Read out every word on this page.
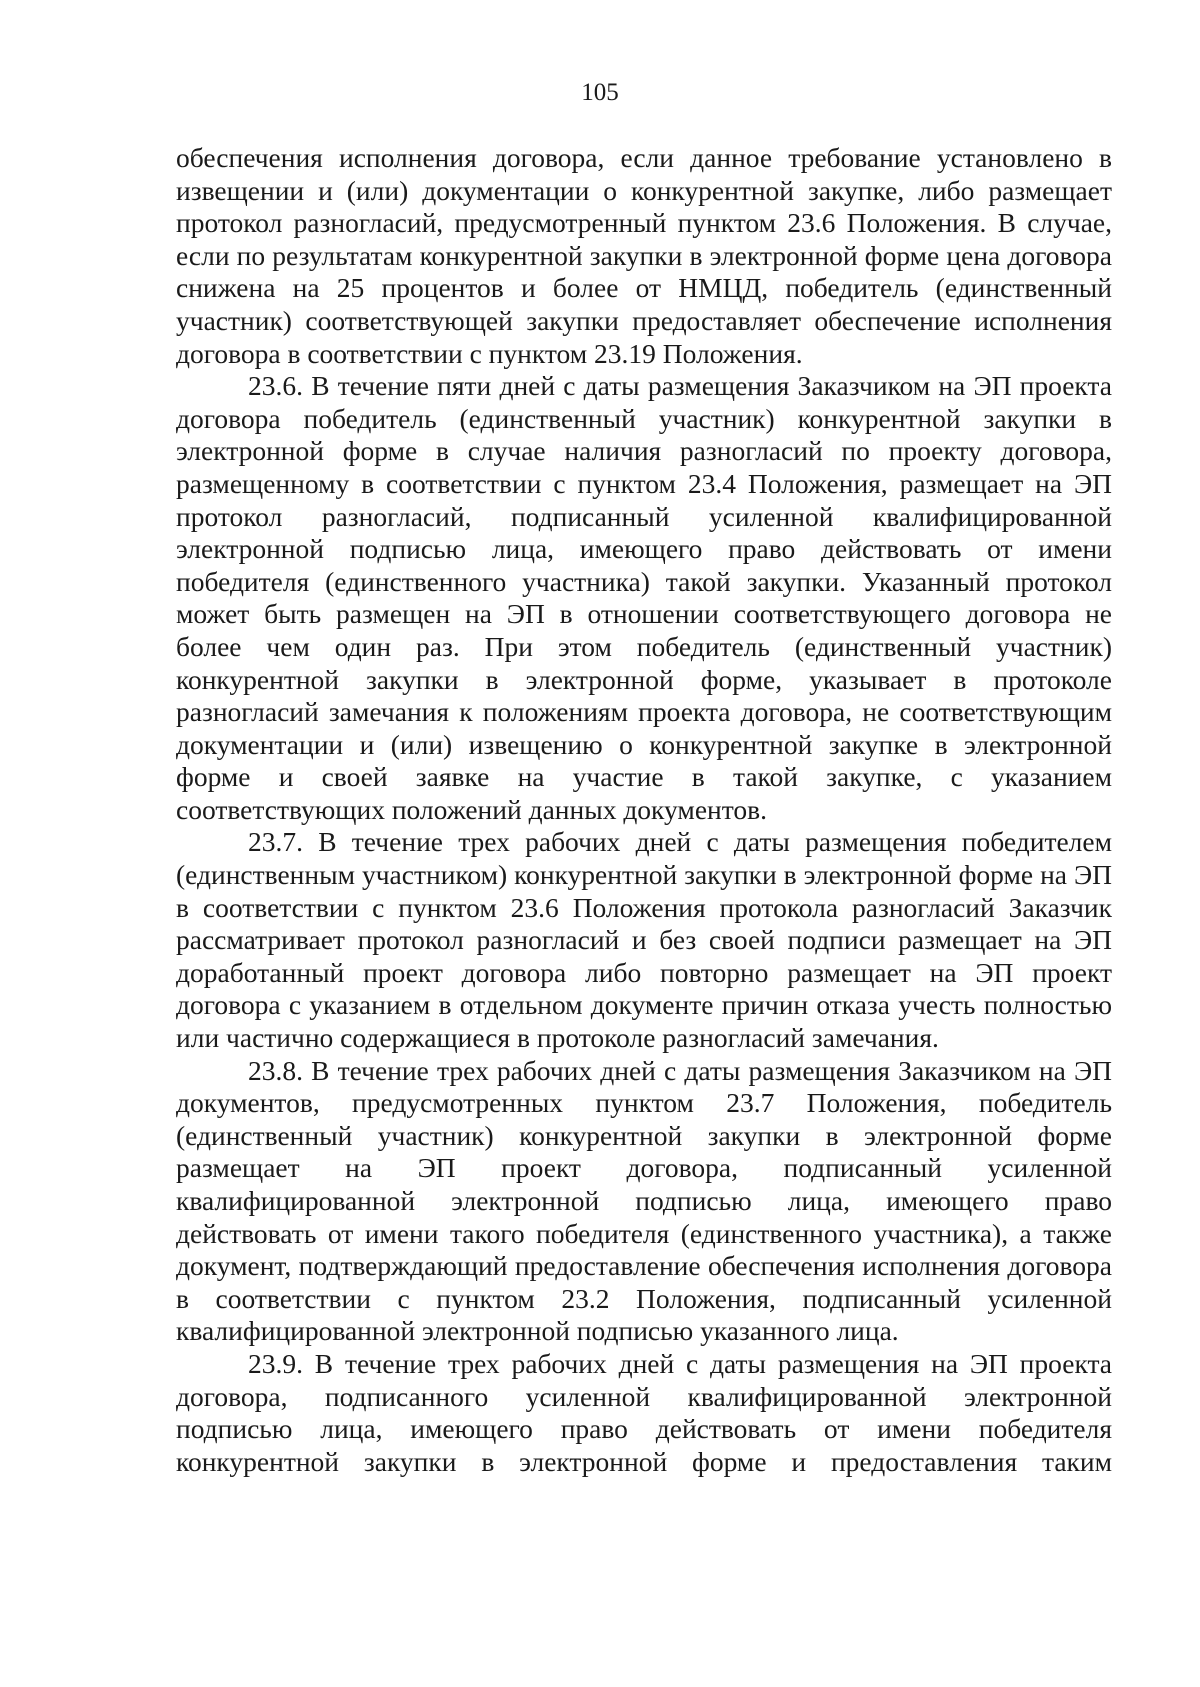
105

обеспечения исполнения договора, если данное требование установлено в извещении и (или) документации о конкурентной закупке, либо размещает протокол разногласий, предусмотренный пунктом 23.6 Положения. В случае, если по результатам конкурентной закупки в электронной форме цена договора снижена на 25 процентов и более от НМЦД, победитель (единственный участник) соответствующей закупки предоставляет обеспечение исполнения договора в соответствии с пунктом 23.19 Положения.

23.6. В течение пяти дней с даты размещения Заказчиком на ЭП проекта договора победитель (единственный участник) конкурентной закупки в электронной форме в случае наличия разногласий по проекту договора, размещенному в соответствии с пунктом 23.4 Положения, размещает на ЭП протокол разногласий, подписанный усиленной квалифицированной электронной подписью лица, имеющего право действовать от имени победителя (единственного участника) такой закупки. Указанный протокол может быть размещен на ЭП в отношении соответствующего договора не более чем один раз. При этом победитель (единственный участник) конкурентной закупки в электронной форме, указывает в протоколе разногласий замечания к положениям проекта договора, не соответствующим документации и (или) извещению о конкурентной закупке в электронной форме и своей заявке на участие в такой закупке, с указанием соответствующих положений данных документов.

23.7. В течение трех рабочих дней с даты размещения победителем (единственным участником) конкурентной закупки в электронной форме на ЭП в соответствии с пунктом 23.6 Положения протокола разногласий Заказчик рассматривает протокол разногласий и без своей подписи размещает на ЭП доработанный проект договора либо повторно размещает на ЭП проект договора с указанием в отдельном документе причин отказа учесть полностью или частично содержащиеся в протоколе разногласий замечания.

23.8. В течение трех рабочих дней с даты размещения Заказчиком на ЭП документов, предусмотренных пунктом 23.7 Положения, победитель (единственный участник) конкурентной закупки в электронной форме размещает на ЭП проект договора, подписанный усиленной квалифицированной электронной подписью лица, имеющего право действовать от имени такого победителя (единственного участника), а также документ, подтверждающий предоставление обеспечения исполнения договора в соответствии с пунктом 23.2 Положения, подписанный усиленной квалифицированной электронной подписью указанного лица.

23.9. В течение трех рабочих дней с даты размещения на ЭП проекта договора, подписанного усиленной квалифицированной электронной подписью лица, имеющего право действовать от имени победителя конкурентной закупки в электронной форме и предоставления таким
